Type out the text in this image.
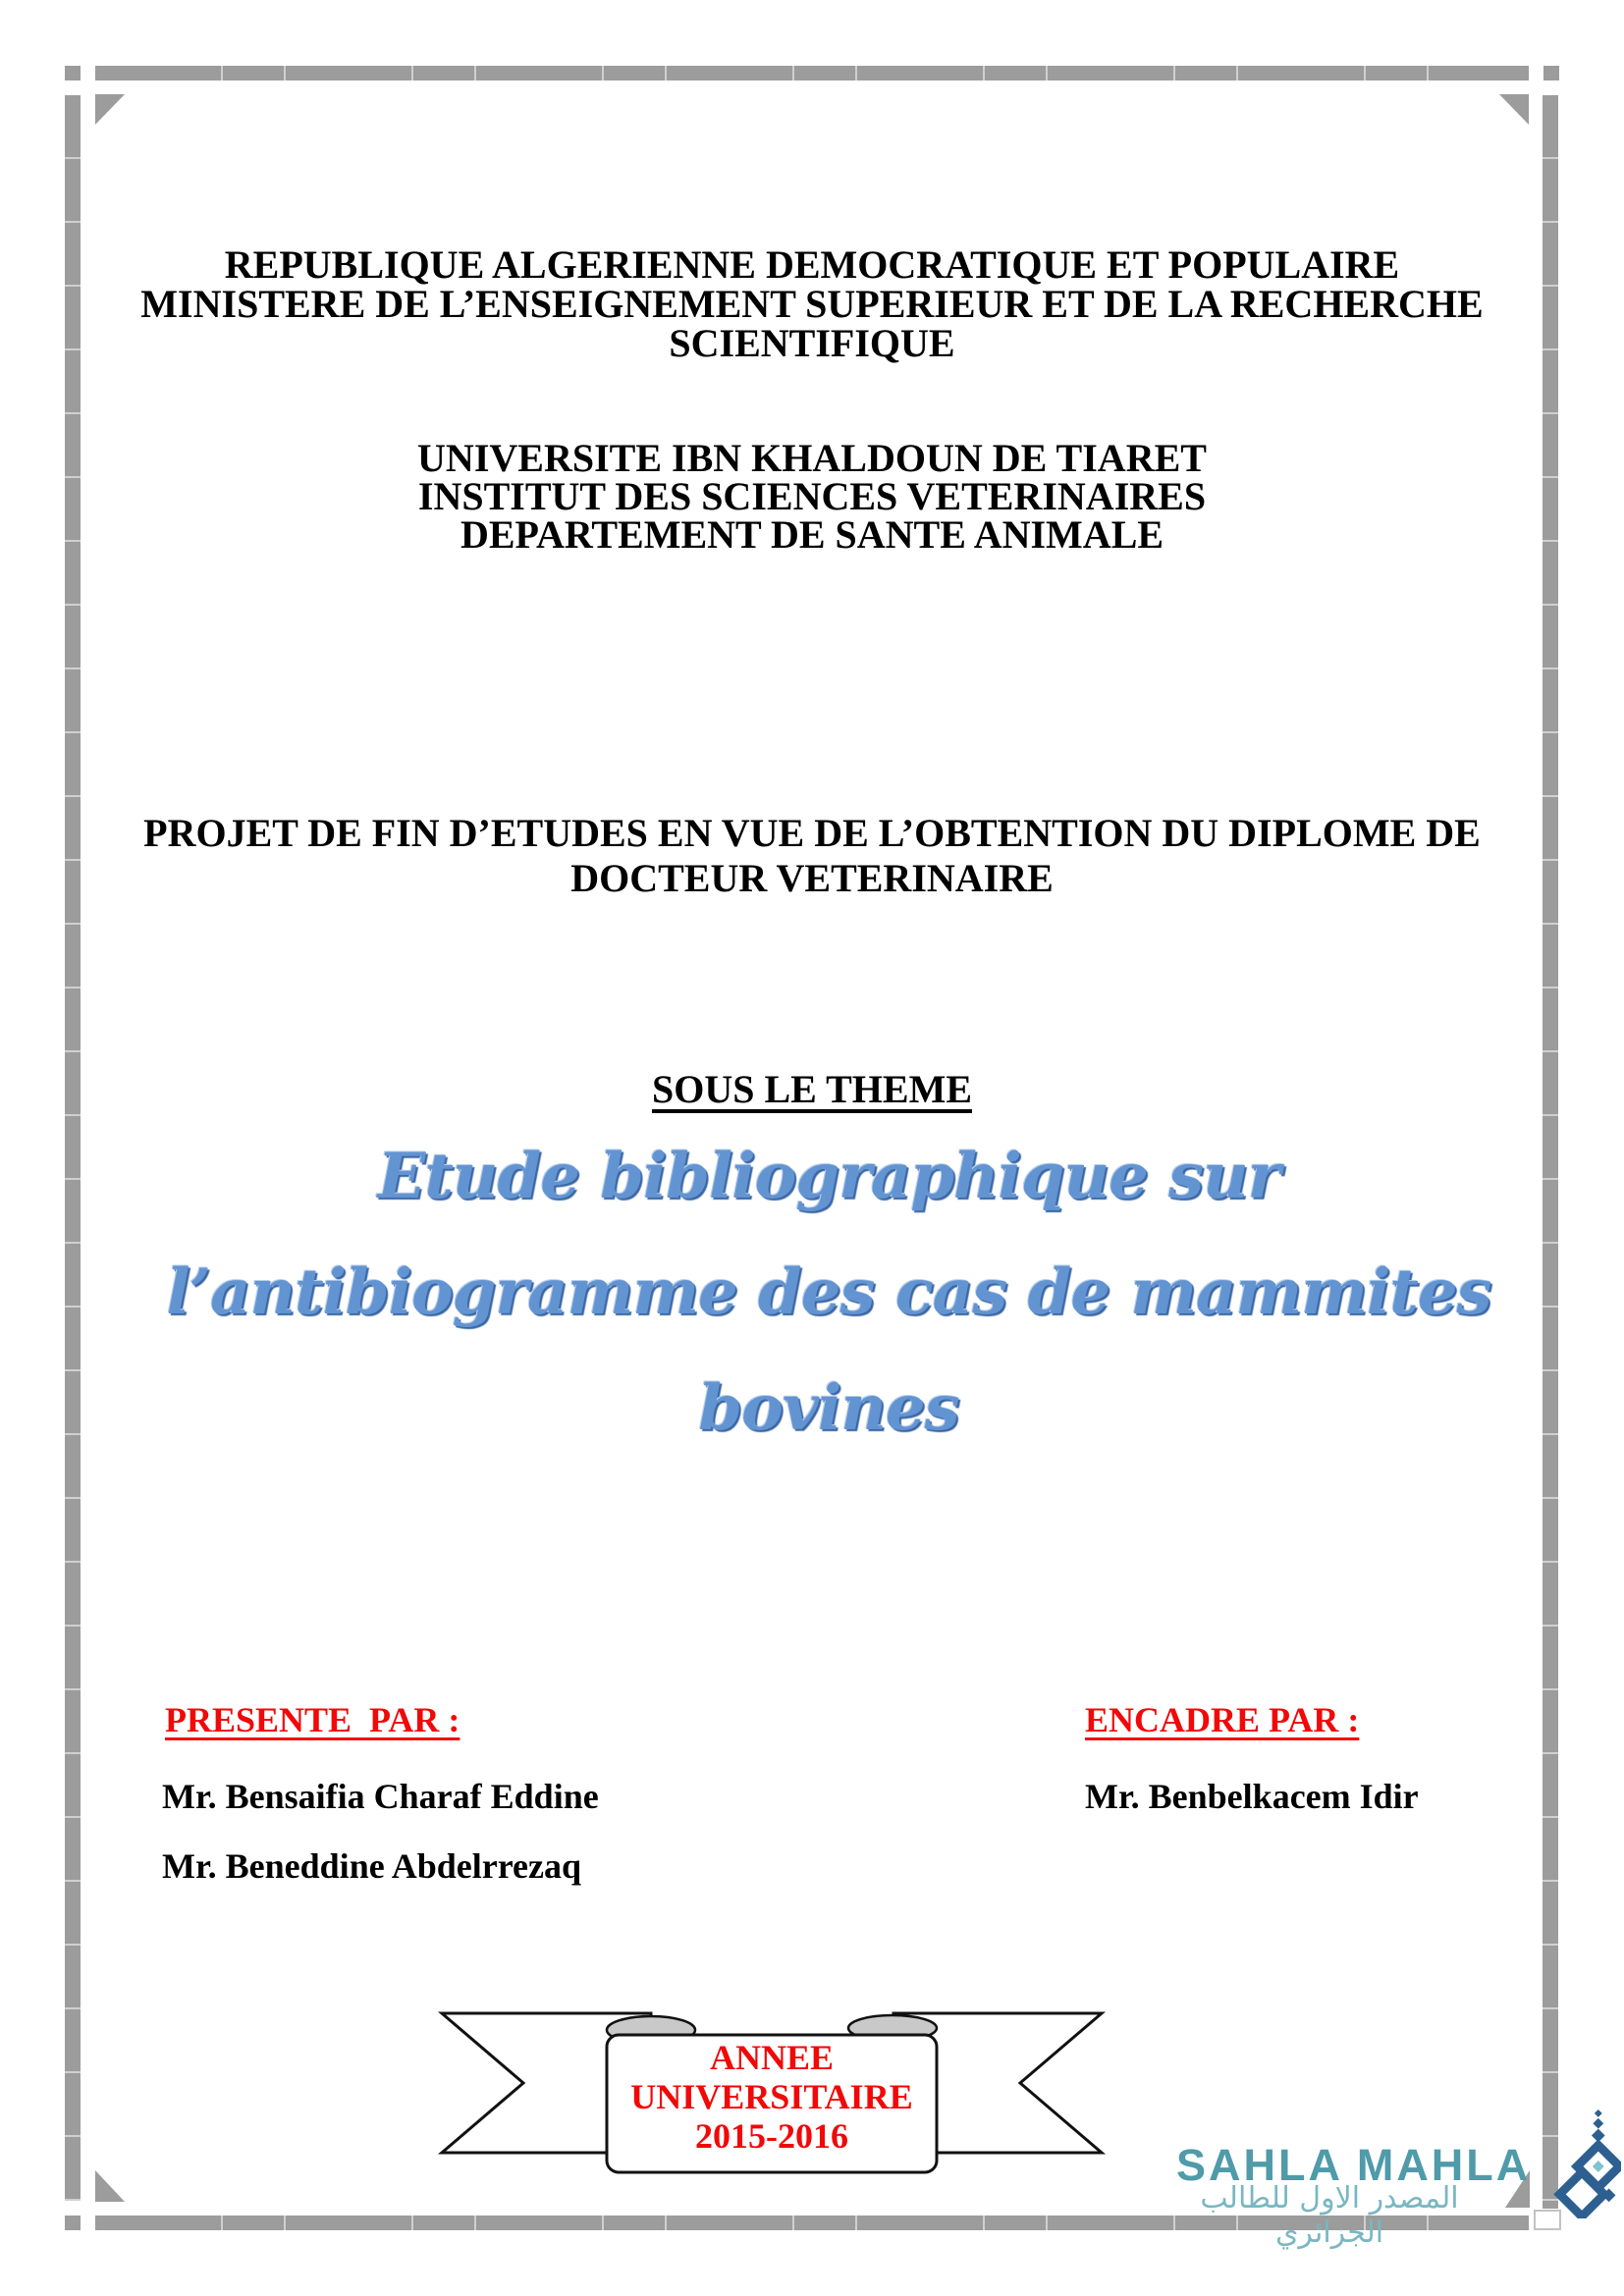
REPUBLIQUE ALGERIENNE DEMOCRATIQUE ET POPULAIRE
MINISTERE DE L’ENSEIGNEMENT SUPERIEUR ET DE LA RECHERCHE
SCIENTIFIQUE
UNIVERSITE IBN KHALDOUN DE TIARET
INSTITUT DES SCIENCES VETERINAIRES
DEPARTEMENT DE SANTE ANIMALE
PROJET DE FIN D’ETUDES EN VUE DE L’OBTENTION DU DIPLOME DE
DOCTEUR VETERINAIRE
SOUS LE THEME
Etude bibliographique sur
l’antibiogramme des cas de mammites
bovines
PRESENTE  PAR :	ENCADRE PAR :
Mr. Bensaifia Charaf Eddine	Mr. Benbelkacem Idir
Mr. Beneddine Abdelrrezaq
ANNEE
UNIVERSITAIRE
2015-2016
SAHLA MAHLA
المصدر الاول للطالب الجزائري
